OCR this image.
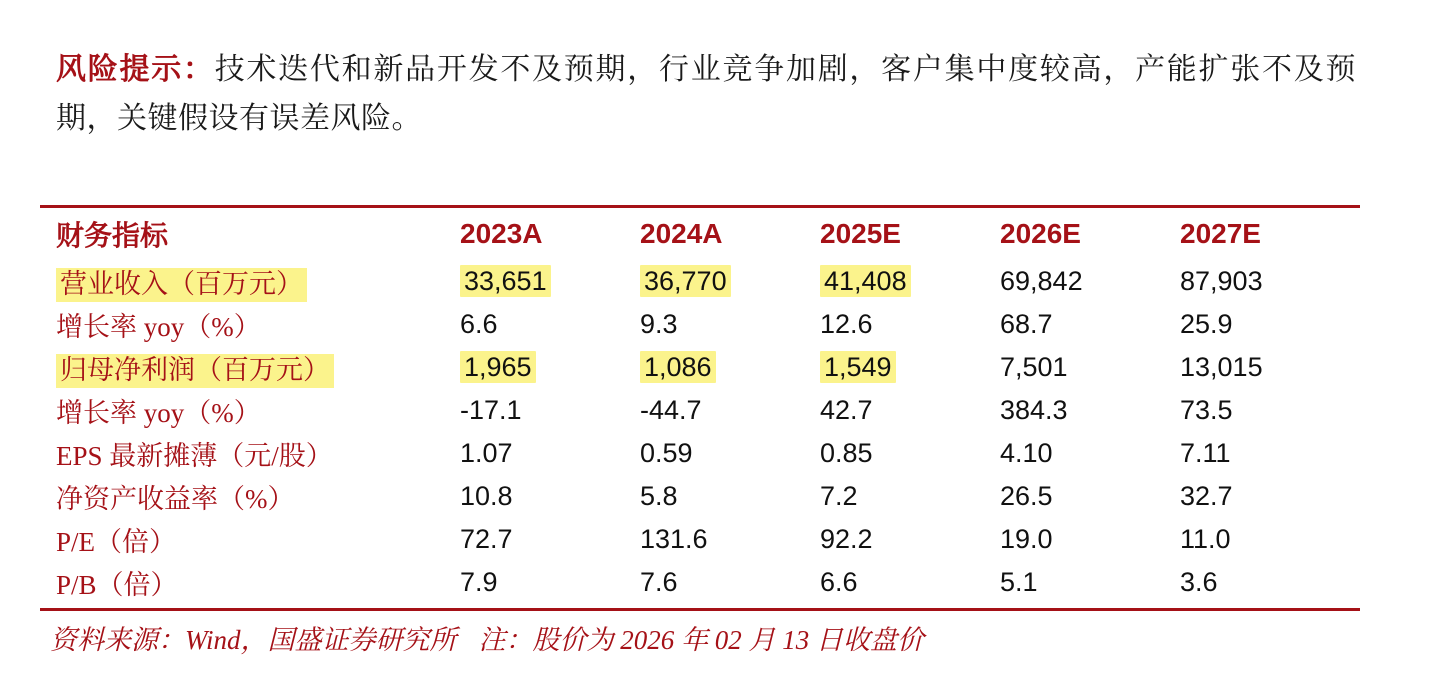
风险提示：技术迭代和新品开发不及预期，行业竞争加剧，客户集中度较高，产能扩张不及预期，关键假设有误差风险。

财务指标	2023A	2024A	2025E	2026E	2027E
营业收入（百万元）	33,651	36,770	41,408	69,842	87,903
增长率 yoy（%）	6.6	9.3	12.6	68.7	25.9
归母净利润（百万元）	1,965	1,086	1,549	7,501	13,015
增长率 yoy（%）	-17.1	-44.7	42.7	384.3	73.5
EPS 最新摊薄（元/股）	1.07	0.59	0.85	4.10	7.11
净资产收益率（%）	10.8	5.8	7.2	26.5	32.7
P/E（倍）	72.7	131.6	92.2	19.0	11.0
P/B（倍）	7.9	7.6	6.6	5.1	3.6
资料来源：Wind，国盛证券研究所 注：股价为 2026 年 02 月 13 日收盘价
